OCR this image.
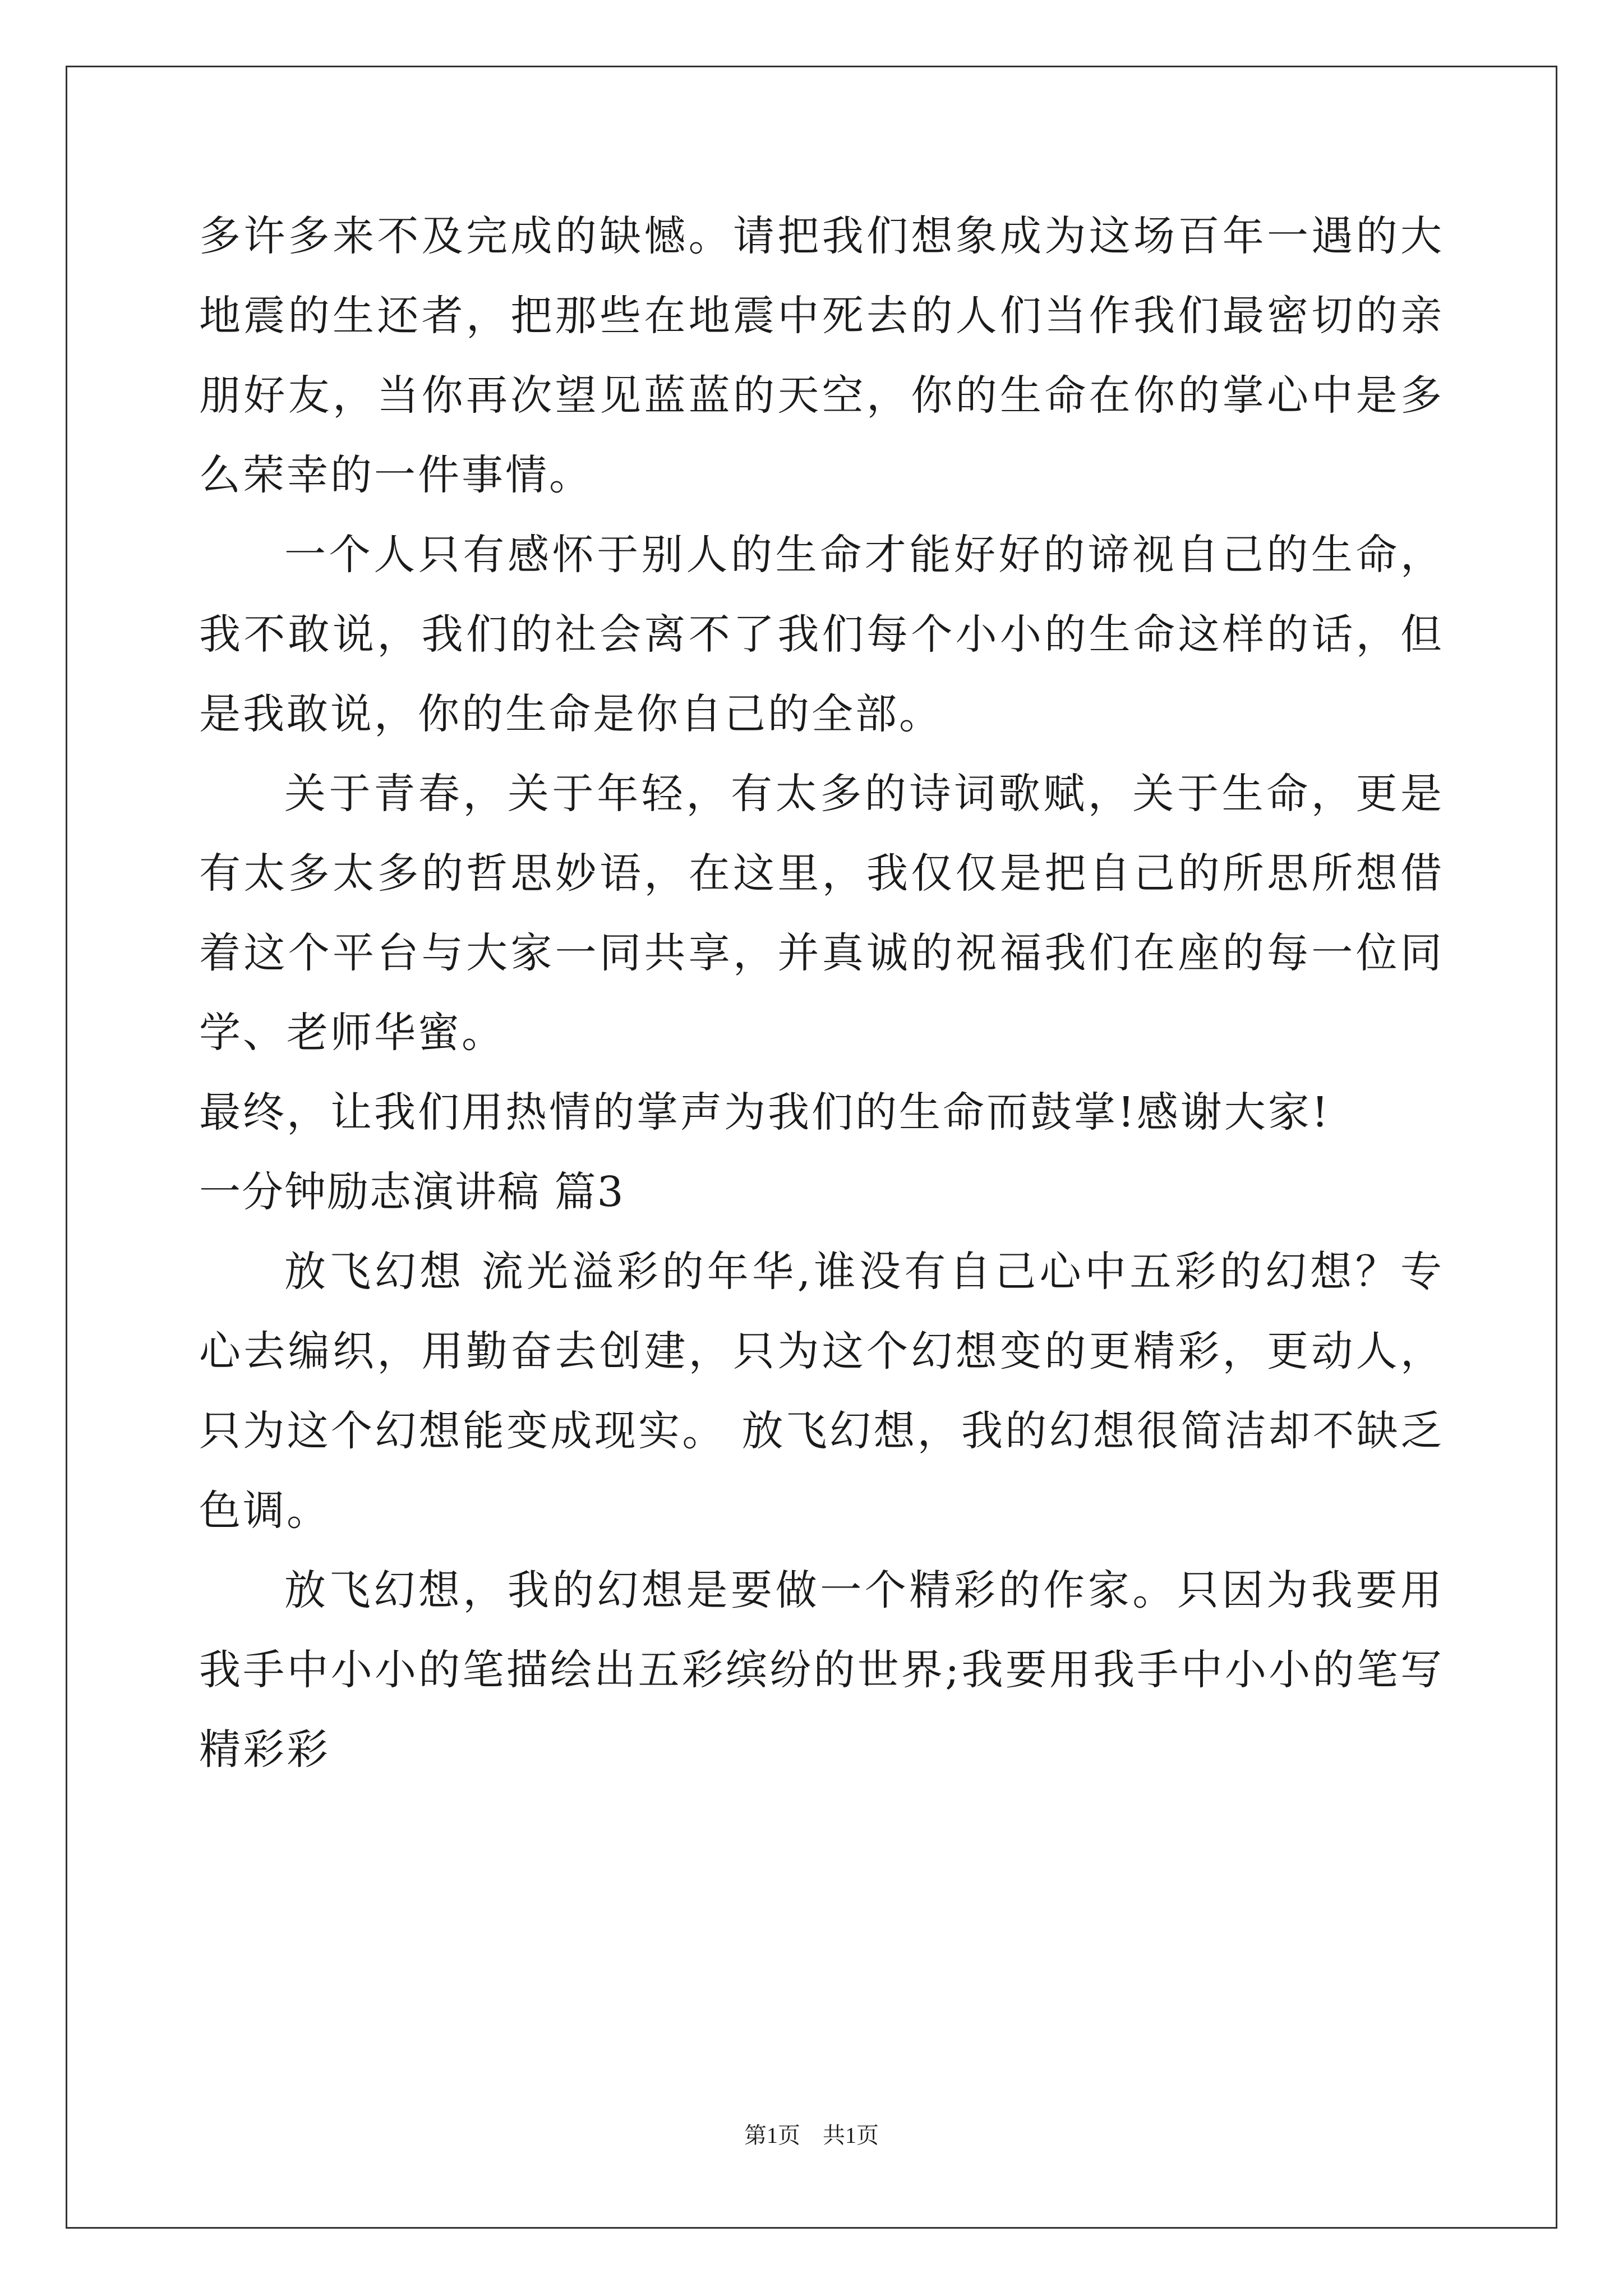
多许多来不及完成的缺憾。请把我们想象成为这场百年一遇的大地震的生还者，把那些在地震中死去的人们当作我们最密切的亲朋好友，当你再次望见蓝蓝的天空，你的生命在你的掌心中是多么荣幸的一件事情。

一个人只有感怀于别人的生命才能好好的谛视自己的生命，我不敢说，我们的社会离不了我们每个小小的生命这样的话，但是我敢说，你的生命是你自己的全部。

关于青春，关于年轻，有太多的诗词歌赋，关于生命，更是有太多太多的哲思妙语，在这里，我仅仅是把自己的所思所想借着这个平台与大家一同共享，并真诚的祝福我们在座的每一位同学、老师华蜜。

最终，让我们用热情的掌声为我们的生命而鼓掌!感谢大家!

一分钟励志演讲稿 篇3

放飞幻想 流光溢彩的年华,谁没有自己心中五彩的幻想？专心去编织，用勤奋去创建，只为这个幻想变的更精彩，更动人，只为这个幻想能变成现实。 放飞幻想，我的幻想很简洁却不缺乏色调。

放飞幻想，我的幻想是要做一个精彩的作家。只因为我要用我手中小小的笔描绘出五彩缤纷的世界;我要用我手中小小的笔写精彩彩

第1页 共1页
